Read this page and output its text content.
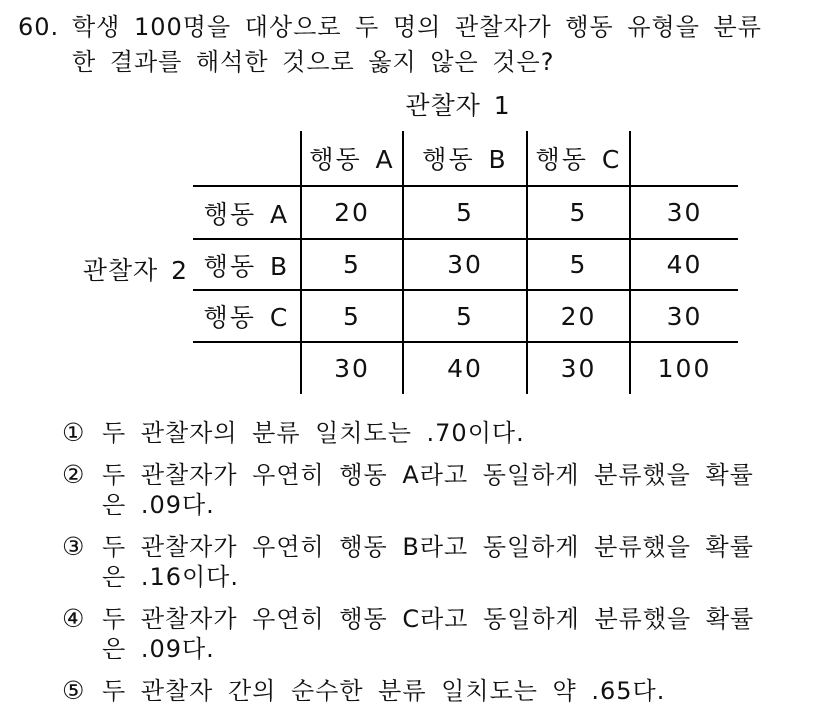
60. 학생 100명을 대상으로 두 명의 관찰자가 행동 유형을 분류
한 결과를 해석한 것으로 옳지 않은 것은?
관찰자 1
관찰자 2
	행동 A	행동 B	행동 C	
행동 A	20	5	5	30
행동 B	5	30	5	40
행동 C	5	5	20	30
	30	40	30	100
① 두 관찰자의 분류 일치도는 .70이다.
② 두 관찰자가 우연히 행동 A라고 동일하게 분류했을 확률
은 .09다.
③ 두 관찰자가 우연히 행동 B라고 동일하게 분류했을 확률
은 .16이다.
④ 두 관찰자가 우연히 행동 C라고 동일하게 분류했을 확률
은 .09다.
⑤ 두 관찰자 간의 순수한 분류 일치도는 약 .65다.
